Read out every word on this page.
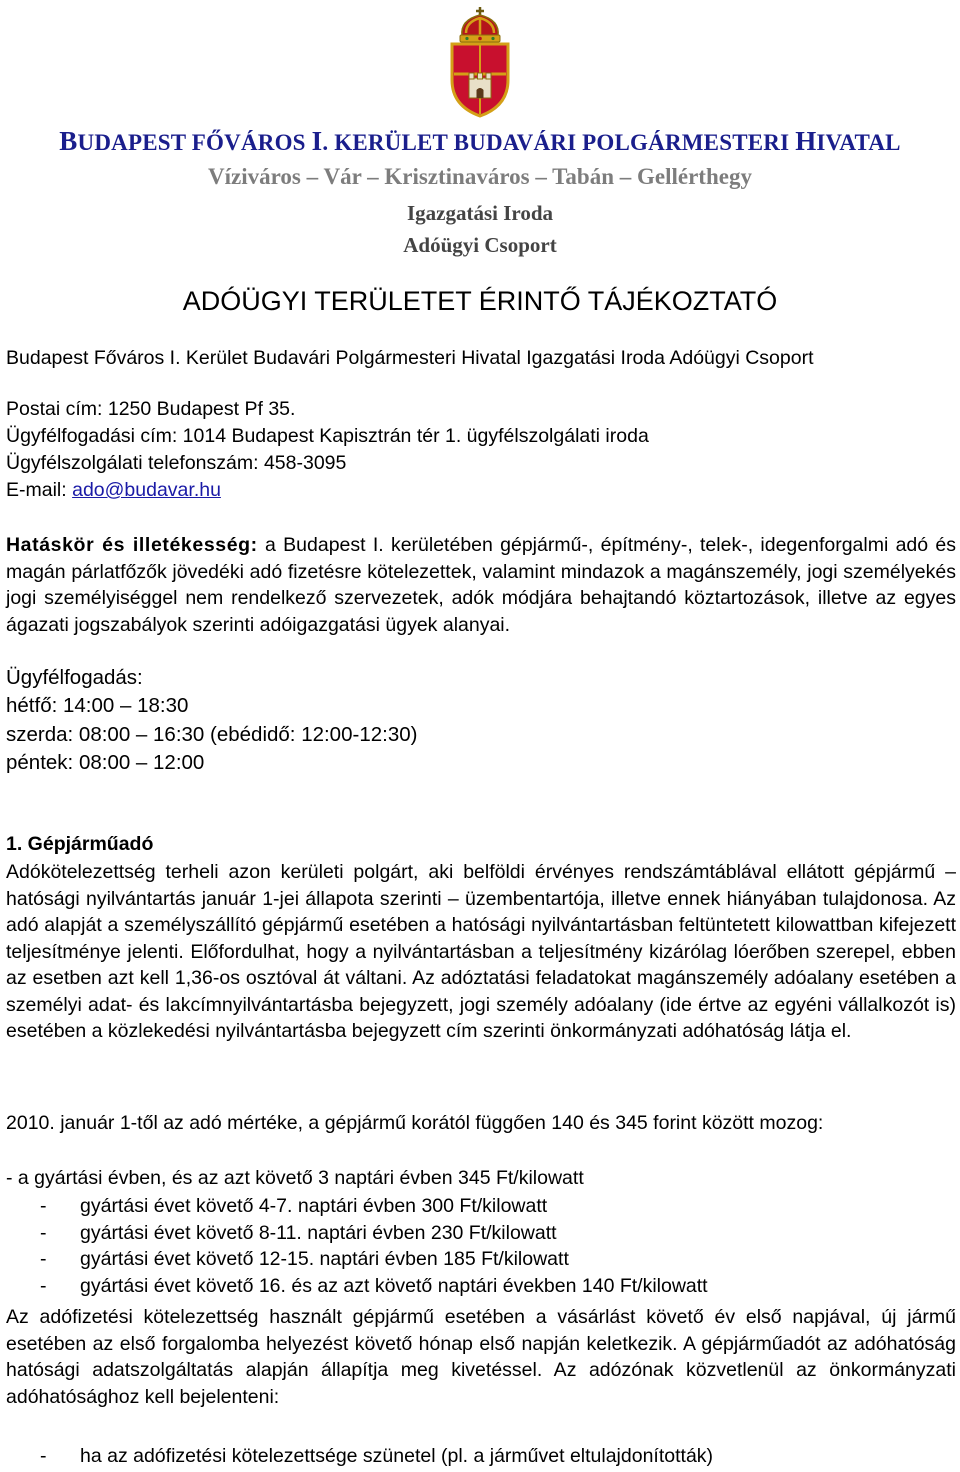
BUDAPEST FŐVÁROS I. KERÜLET BUDAVÁRI POLGÁRMESTERI HIVATAL
Víziváros – Vár – Krisztinaváros – Tabán – Gellérthegy
Igazgatási Iroda
Adóügyi Csoport
ADÓÜGYI TERÜLETET ÉRINTŐ TÁJÉKOZTATÓ

Budapest Főváros I. Kerület Budavári Polgármesteri Hivatal Igazgatási Iroda Adóügyi Csoport

Postai cím: 1250 Budapest Pf 35.
Ügyfélfogadási cím: 1014 Budapest Kapisztrán tér 1. ügyfélszolgálati iroda
Ügyfélszolgálati telefonszám: 458-3095
E-mail: ado@budavar.hu

Hatáskör és illetékesség: a Budapest I. kerületében gépjármű-, építmény-, telek-, idegenforgalmi adó és magán párlatfőzők jövedéki adó fizetésre kötelezettek, valamint mindazok a magánszemély, jogi személyekés jogi személyiséggel nem rendelkező szervezetek, adók módjára behajtandó köztartozások, illetve az egyes ágazati jogszabályok szerinti adóigazgatási ügyek alanyai.

Ügyfélfogadás:
hétfő: 14:00 – 18:30
szerda: 08:00 – 16:30 (ebédidő: 12:00-12:30)
péntek: 08:00 – 12:00
1. Gépjárműadó

Adókötelezettség terheli azon kerületi polgárt, aki belföldi érvényes rendszámtáblával ellátott gépjármű – hatósági nyilvántartás január 1-jei állapota szerinti – üzembentartója, illetve ennek hiányában tulajdonosa. Az adó alapját a személyszállító gépjármű esetében a hatósági nyilvántartásban feltüntetett kilowattban kifejezett teljesítménye jelenti. Előfordulhat, hogy a nyilvántartásban a teljesítmény kizárólag lóerőben szerepel, ebben az esetben azt kell 1,36-os osztóval át váltani. Az adóztatási feladatokat magánszemély adóalany esetében a személyi adat- és lakcímnyilvántartásba bejegyzett, jogi személy adóalany (ide értve az egyéni vállalkozót is) esetében a közlekedési nyilvántartásba bejegyzett cím szerinti önkormányzati adóhatóság látja el.

2010. január 1-től az adó mértéke, a gépjármű korától függően 140 és 345 forint között mozog:

- a gyártási évben, és az azt követő 3 naptári évben 345 Ft/kilowatt
- gyártási évet követő 4-7. naptári évben 300 Ft/kilowatt
- gyártási évet követő 8-11. naptári évben 230 Ft/kilowatt
- gyártási évet követő 12-15. naptári évben 185 Ft/kilowatt
- gyártási évet követő 16. és az azt követő naptári években 140 Ft/kilowatt

Az adófizetési kötelezettség használt gépjármű esetében a vásárlást követő év első napjával, új jármű esetében az első forgalomba helyezést követő hónap első napján keletkezik. A gépjárműadót az adóhatóság hatósági adatszolgáltatás alapján állapítja meg kivetéssel. Az adózónak közvetlenül az önkormányzati adóhatósághoz kell bejelenteni:

- ha az adófizetési kötelezettsége szünetel (pl. a járművet eltulajdonították)
